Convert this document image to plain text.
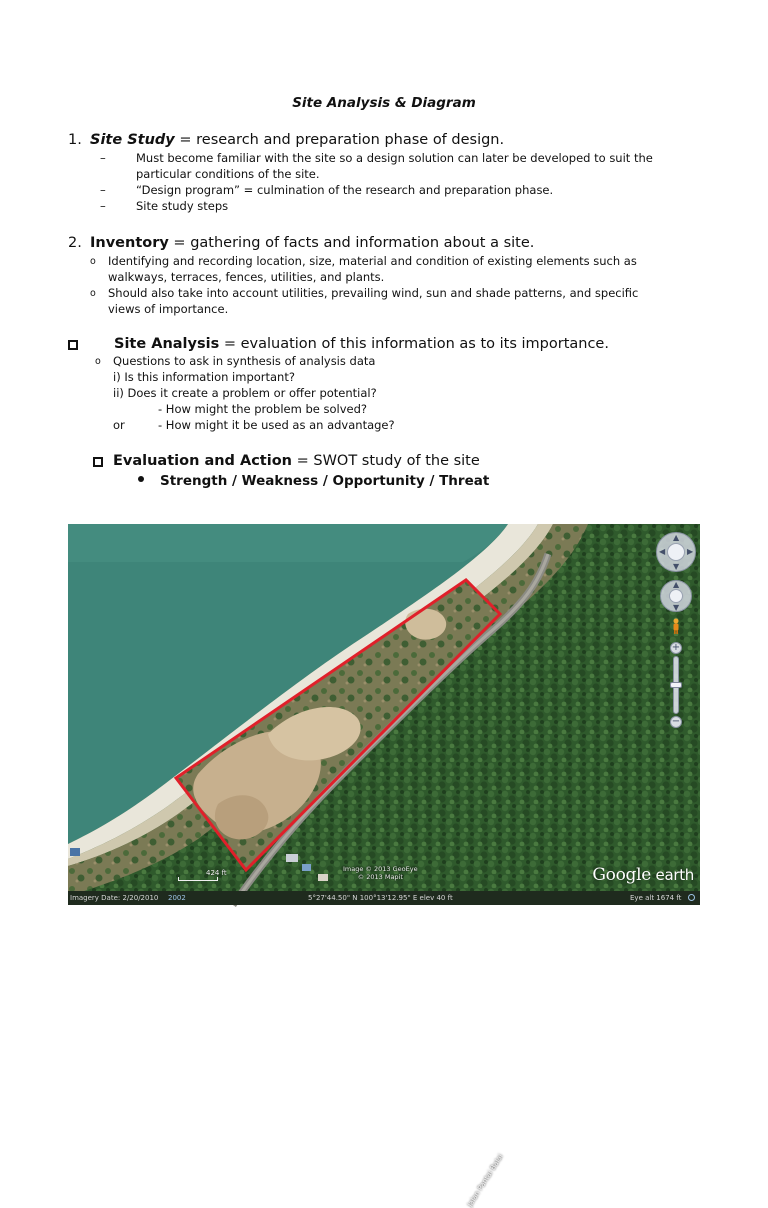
Site Analysis & Diagram
1. Site Study = research and preparation phase of design.
–	Must become familiar with the site so a design solution can later be developed to suit the
particular conditions of the site.
–	“Design program” = culmination of the research and preparation phase.
–	Site study steps
2. Inventory = gathering of facts and information about a site.
o Identifying and recording location, size, material and condition of existing elements such as
walkways, terraces, fences, utilities, and plants.
o Should also take into account utilities, prevailing wind, sun and shade patterns, and specific
views of importance.
Site Analysis = evaluation of this information as to its importance.
o Questions to ask in synthesis of analysis data
i) Is this information important?
ii) Does it create a problem or offer potential?
- How might the problem be solved?
or	- How might it be used as an advantage?
Evaluation and Action = SWOT study of the site
Strength / Weakness / Opportunity / Threat
Jalan Pantai Balai
424 ft	Image © 2013 GeoEye
© 2013 Mapit	Google earth
▲
▼
◀	▶
▲
▼
+
−
Imagery Date: 2/20/2010 2002	5°27'44.50" N 100°13'12.95" E elev 40 ft	Eye alt 1674 ft
